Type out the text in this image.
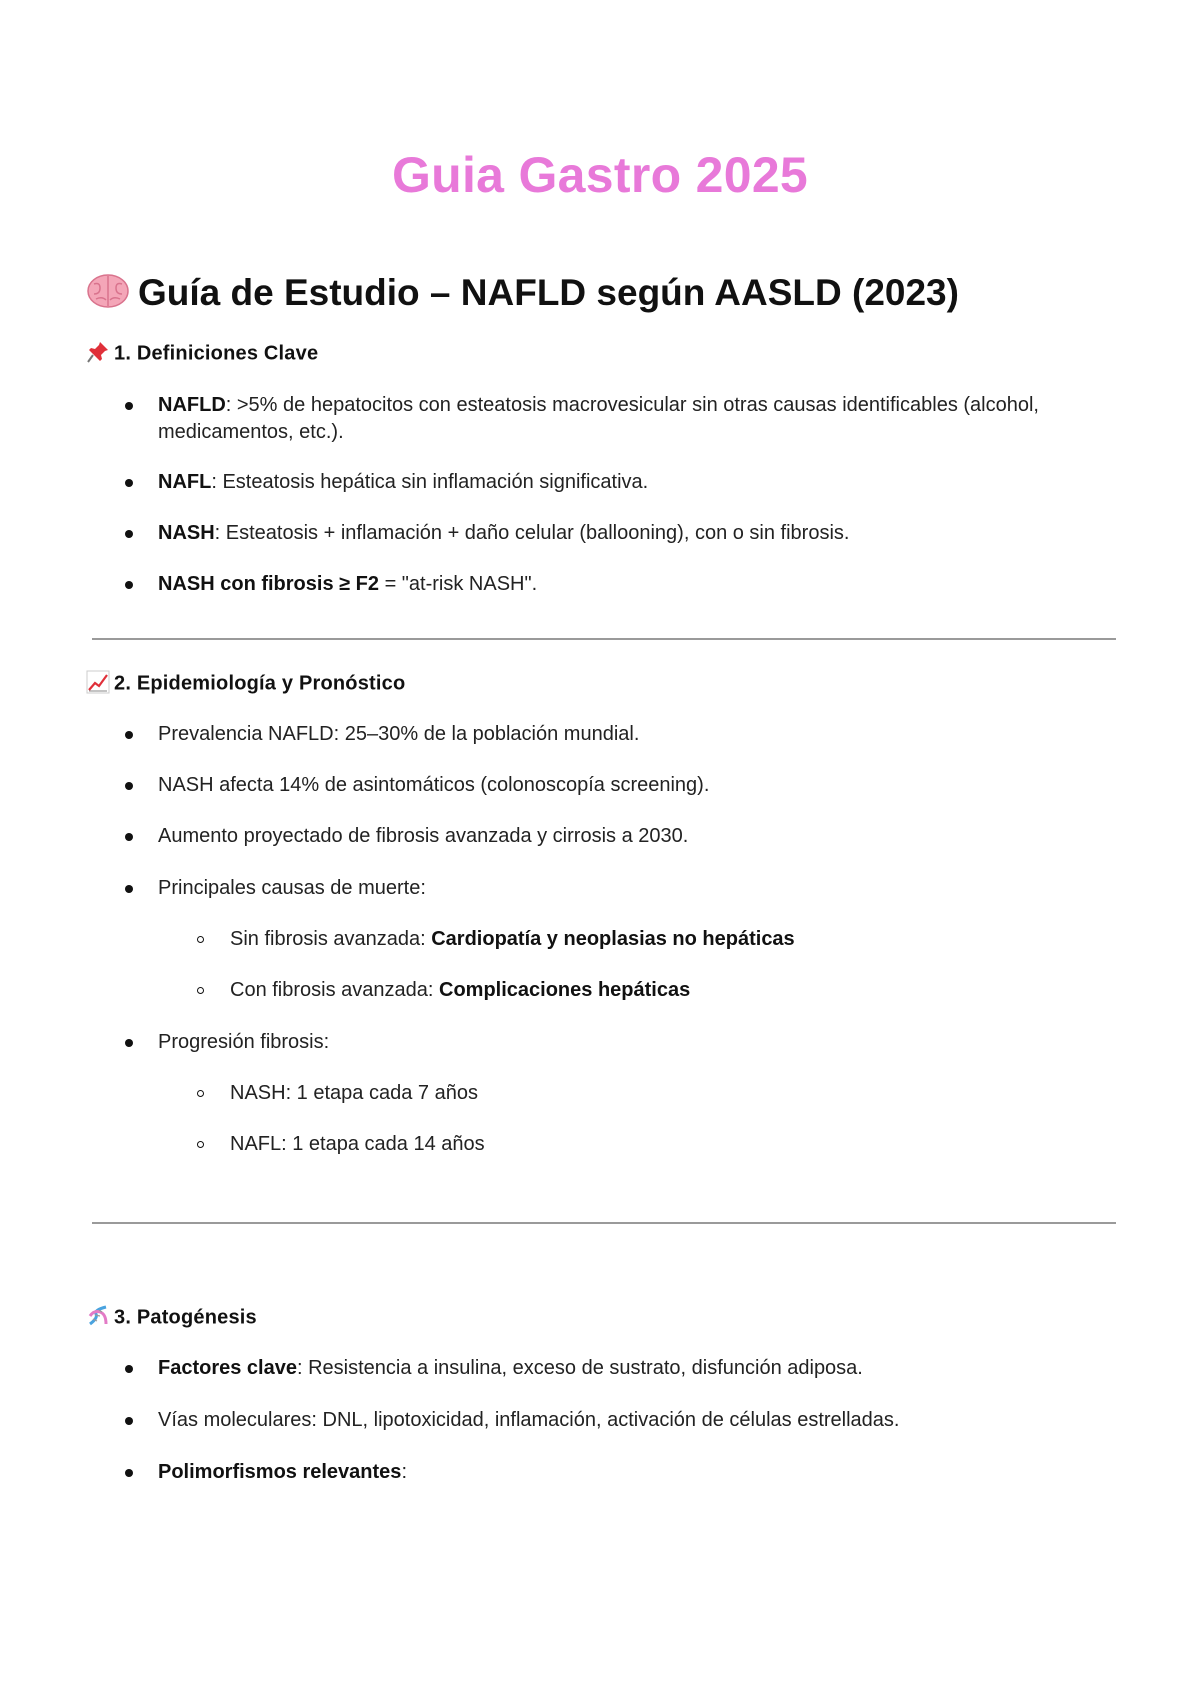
Guia Gastro 2025
Guía de Estudio – NAFLD según AASLD (2023)
1. Definiciones Clave
NAFLD: >5% de hepatocitos con esteatosis macrovesicular sin otras causas identificables (alcohol, medicamentos, etc.).
NAFL: Esteatosis hepática sin inflamación significativa.
NASH: Esteatosis + inflamación + daño celular (ballooning), con o sin fibrosis.
NASH con fibrosis ≥ F2 = "at-risk NASH".
2. Epidemiología y Pronóstico
Prevalencia NAFLD: 25–30% de la población mundial.
NASH afecta 14% de asintomáticos (colonoscopía screening).
Aumento proyectado de fibrosis avanzada y cirrosis a 2030.
Principales causas de muerte:
Sin fibrosis avanzada: Cardiopatía y neoplasias no hepáticas
Con fibrosis avanzada: Complicaciones hepáticas
Progresión fibrosis:
NASH: 1 etapa cada 7 años
NAFL: 1 etapa cada 14 años
3. Patogénesis
Factores clave: Resistencia a insulina, exceso de sustrato, disfunción adiposa.
Vías moleculares: DNL, lipotoxicidad, inflamación, activación de células estrelladas.
Polimorfismos relevantes:
